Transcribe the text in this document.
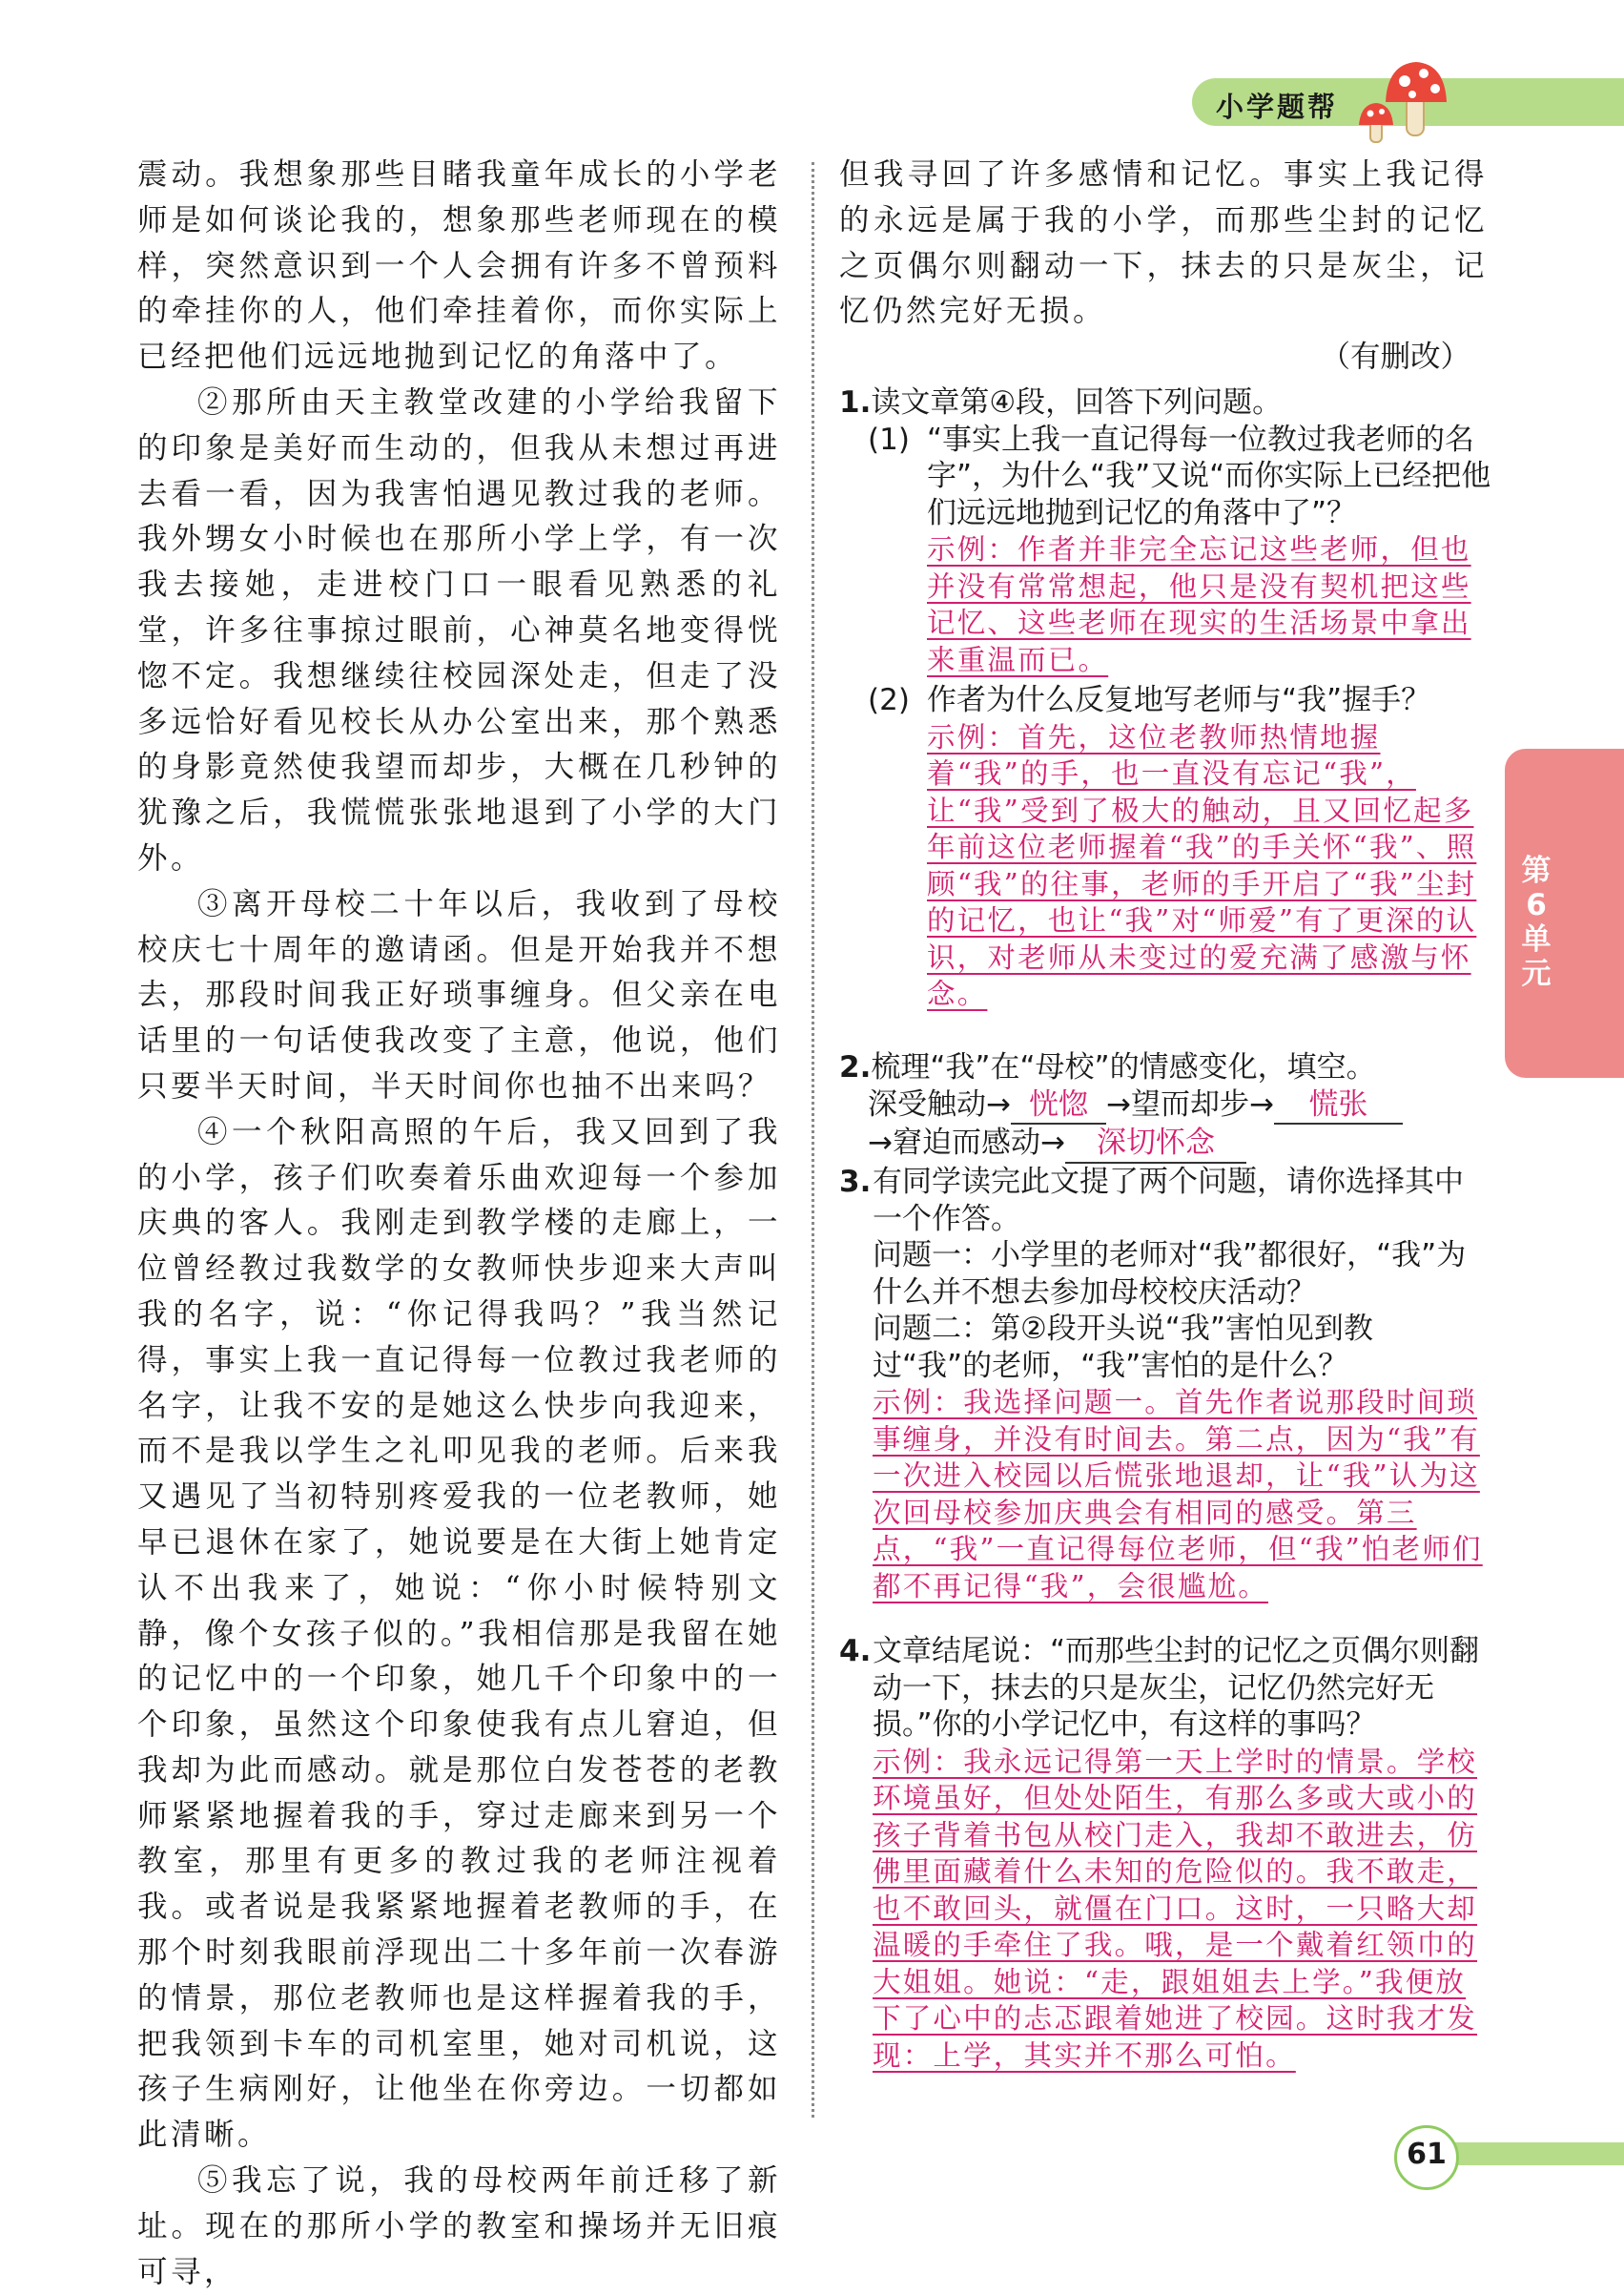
小学题帮
第6单元

震动。我想象那些目睹我童年成长的小学老师是如何谈论我的，想象那些老师现在的模样，突然意识到一个人会拥有许多不曾预料的牵挂你的人，他们牵挂着你，而你实际上已经把他们远远地抛到记忆的角落中了。

②那所由天主教堂改建的小学给我留下的印象是美好而生动的，但我从未想过再进去看一看，因为我害怕遇见教过我的老师。我外甥女小时候也在那所小学上学，有一次我去接她，走进校门口一眼看见熟悉的礼堂，许多往事掠过眼前，心神莫名地变得恍惚不定。我想继续往校园深处走，但走了没多远恰好看见校长从办公室出来，那个熟悉的身影竟然使我望而却步，大概在几秒钟的犹豫之后，我慌慌张张地退到了小学的大门外。

③离开母校二十年以后，我收到了母校校庆七十周年的邀请函。但是开始我并不想去，那段时间我正好琐事缠身。但父亲在电话里的一句话使我改变了主意，他说，他们只要半天时间，半天时间你也抽不出来吗？

④一个秋阳高照的午后，我又回到了我的小学，孩子们吹奏着乐曲欢迎每一个参加庆典的客人。我刚走到教学楼的走廊上，一位曾经教过我数学的女教师快步迎来大声叫我的名字，说：“你记得我吗？”我当然记得，事实上我一直记得每一位教过我老师的名字，让我不安的是她这么快步向我迎来，而不是我以学生之礼叩见我的老师。后来我又遇见了当初特别疼爱我的一位老教师，她早已退休在家了，她说要是在大街上她肯定认不出我来了，她说：“你小时候特别文静，像个女孩子似的。”我相信那是我留在她的记忆中的一个印象，她几千个印象中的一个印象，虽然这个印象使我有点儿窘迫，但我却为此而感动。就是那位白发苍苍的老教师紧紧地握着我的手，穿过走廊来到另一个教室，那里有更多的教过我的老师注视着我。或者说是我紧紧地握着老教师的手，在那个时刻我眼前浮现出二十多年前一次春游的情景，那位老教师也是这样握着我的手，把我领到卡车的司机室里，她对司机说，这孩子生病刚好，让他坐在你旁边。一切都如此清晰。

⑤我忘了说，我的母校两年前迁移了新址。现在的那所小学的教室和操场并无旧痕可寻，

但我寻回了许多感情和记忆。事实上我记得的永远是属于我的小学，而那些尘封的记忆之页偶尔则翻动一下，抹去的只是灰尘，记忆仍然完好无损。

（有删改）

1.读文章第④段，回答下列问题。
(1) “事实上我一直记得每一位教过我老师的名字”，为什么“我”又说“而你实际上已经把他们远远地抛到记忆的角落中了”？
示例：作者并非完全忘记这些老师，但也并没有常常想起，他只是没有契机把这些记忆、这些老师在现实的生活场景中拿出来重温而已。
(2) 作者为什么反复地写老师与“我”握手？
示例：首先，这位老教师热情地握着“我”的手，也一直没有忘记“我”，让“我”受到了极大的触动，且又回忆起多年前这位老师握着“我”的手关怀“我”、照顾“我”的往事，老师的手开启了“我”尘封的记忆，也让“我”对“师爱”有了更深的认识，对老师从未变过的爱充满了感激与怀念。
2.梳理“我”在“母校”的情感变化，填空。
深受触动→ 恍惚 →望而却步→ 慌张
→窘迫而感动→ 深切怀念
3. 有同学读完此文提了两个问题，请你选择其中一个作答。
问题一：小学里的老师对“我”都很好，“我”为什么并不想去参加母校校庆活动？
问题二：第②段开头说“我”害怕见到教过“我”的老师，“我”害怕的是什么？
示例：我选择问题一。首先作者说那段时间琐事缠身，并没有时间去。第二点，因为“我”有一次进入校园以后慌张地退却，让“我”认为这次回母校参加庆典会有相同的感受。第三点，“我”一直记得每位老师，但“我”怕老师们都不再记得“我”，会很尴尬。
4. 文章结尾说：“而那些尘封的记忆之页偶尔则翻动一下，抹去的只是灰尘，记忆仍然完好无损。”你的小学记忆中，有这样的事吗？
示例：我永远记得第一天上学时的情景。学校环境虽好，但处处陌生，有那么多或大或小的孩子背着书包从校门走入，我却不敢进去，仿佛里面藏着什么未知的危险似的。我不敢走，也不敢回头，就僵在门口。这时，一只略大却温暖的手牵住了我。哦，是一个戴着红领巾的大姐姐。她说：“走，跟姐姐去上学。”我便放下了心中的忐忑跟着她进了校园。这时我才发现：上学，其实并不那么可怕。
61
